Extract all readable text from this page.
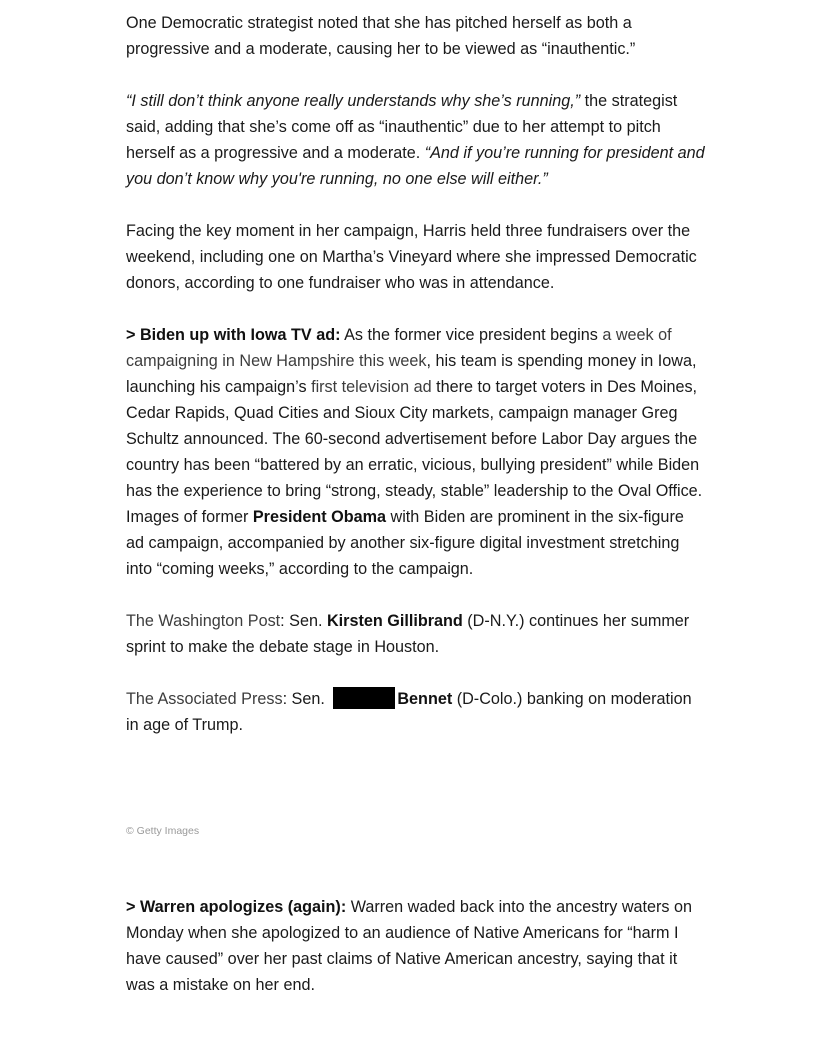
One Democratic strategist noted that she has pitched herself as both a progressive and a moderate, causing her to be viewed as “inauthentic.”

“I still don’t think anyone really understands why she’s running,” the strategist said, adding that she’s come off as “inauthentic” due to her attempt to pitch herself as a progressive and a moderate. “And if you’re running for president and you don’t know why you're running, no one else will either.”

Facing the key moment in her campaign, Harris held three fundraisers over the weekend, including one on Martha’s Vineyard where she impressed Democratic donors, according to one fundraiser who was in attendance.

> Biden up with Iowa TV ad: As the former vice president begins a week of campaigning in New Hampshire this week, his team is spending money in Iowa, launching his campaign’s first television ad there to target voters in Des Moines, Cedar Rapids, Quad Cities and Sioux City markets, campaign manager Greg Schultz announced. The 60-second advertisement before Labor Day argues the country has been “battered by an erratic, vicious, bullying president” while Biden has the experience to bring “strong, steady, stable” leadership to the Oval Office. Images of former President Obama with Biden are prominent in the six-figure ad campaign, accompanied by another six-figure digital investment stretching into “coming weeks,” according to the campaign.

The Washington Post: Sen. Kirsten Gillibrand (D-N.Y.) continues her summer sprint to make the debate stage in Houston.

The Associated Press: Sen.	Bennet (D-Colo.) banking on moderation in age of Trump.

© Getty Images

> Warren apologizes (again): Warren waded back into the ancestry waters on Monday when she apologized to an audience of Native Americans for “harm I have caused” over her past claims of Native American ancestry, saying that it was a mistake on her end.
